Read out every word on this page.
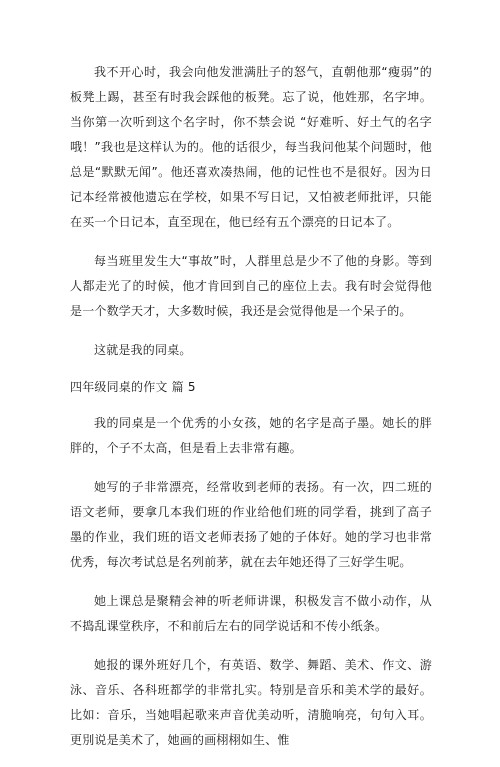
我不开心时，我会向他发泄满肚子的怒气，直朝他那“瘦弱”的板凳上踢，甚至有时我会踩他的板凳。忘了说，他姓那，名字坤。当你第一次听到这个名字时，你不禁会说 “好难听、好土气的名字哦！”我也是这样认为的。他的话很少，每当我问他某个问题时，他总是“默默无闻”。他还喜欢凑热闹，他的记性也不是很好。因为日记本经常被他遗忘在学校，如果不写日记，又怕被老师批评，只能在买一个日记本，直至现在，他已经有五个漂亮的日记本了。

每当班里发生大“事故”时，人群里总是少不了他的身影。等到人都走光了的时候，他才肯回到自己的座位上去。我有时会觉得他是一个数学天才，大多数时候，我还是会觉得他是一个呆子的。

这就是我的同桌。

四年级同桌的作文 篇 5

我的同桌是一个优秀的小女孩，她的名字是高子墨。她长的胖胖的，个子不太高，但是看上去非常有趣。

她写的子非常漂亮，经常收到老师的表扬。有一次，四二班的语文老师，要拿几本我们班的作业给他们班的同学看，挑到了高子墨的作业，我们班的语文老师表扬了她的子体好。她的学习也非常优秀，每次考试总是名列前茅，就在去年她还得了三好学生呢。

她上课总是聚精会神的听老师讲课，积极发言不做小动作，从不捣乱课堂秩序，不和前后左右的同学说话和不传小纸条。

她报的课外班好几个，有英语、数学、舞蹈、美术、作文、游泳、音乐、各科班都学的非常扎实。特别是音乐和美术学的最好。比如：音乐，当她唱起歌来声音优美动听，清脆响亮，句句入耳。更別说是美术了，她画的画栩栩如生、惟
